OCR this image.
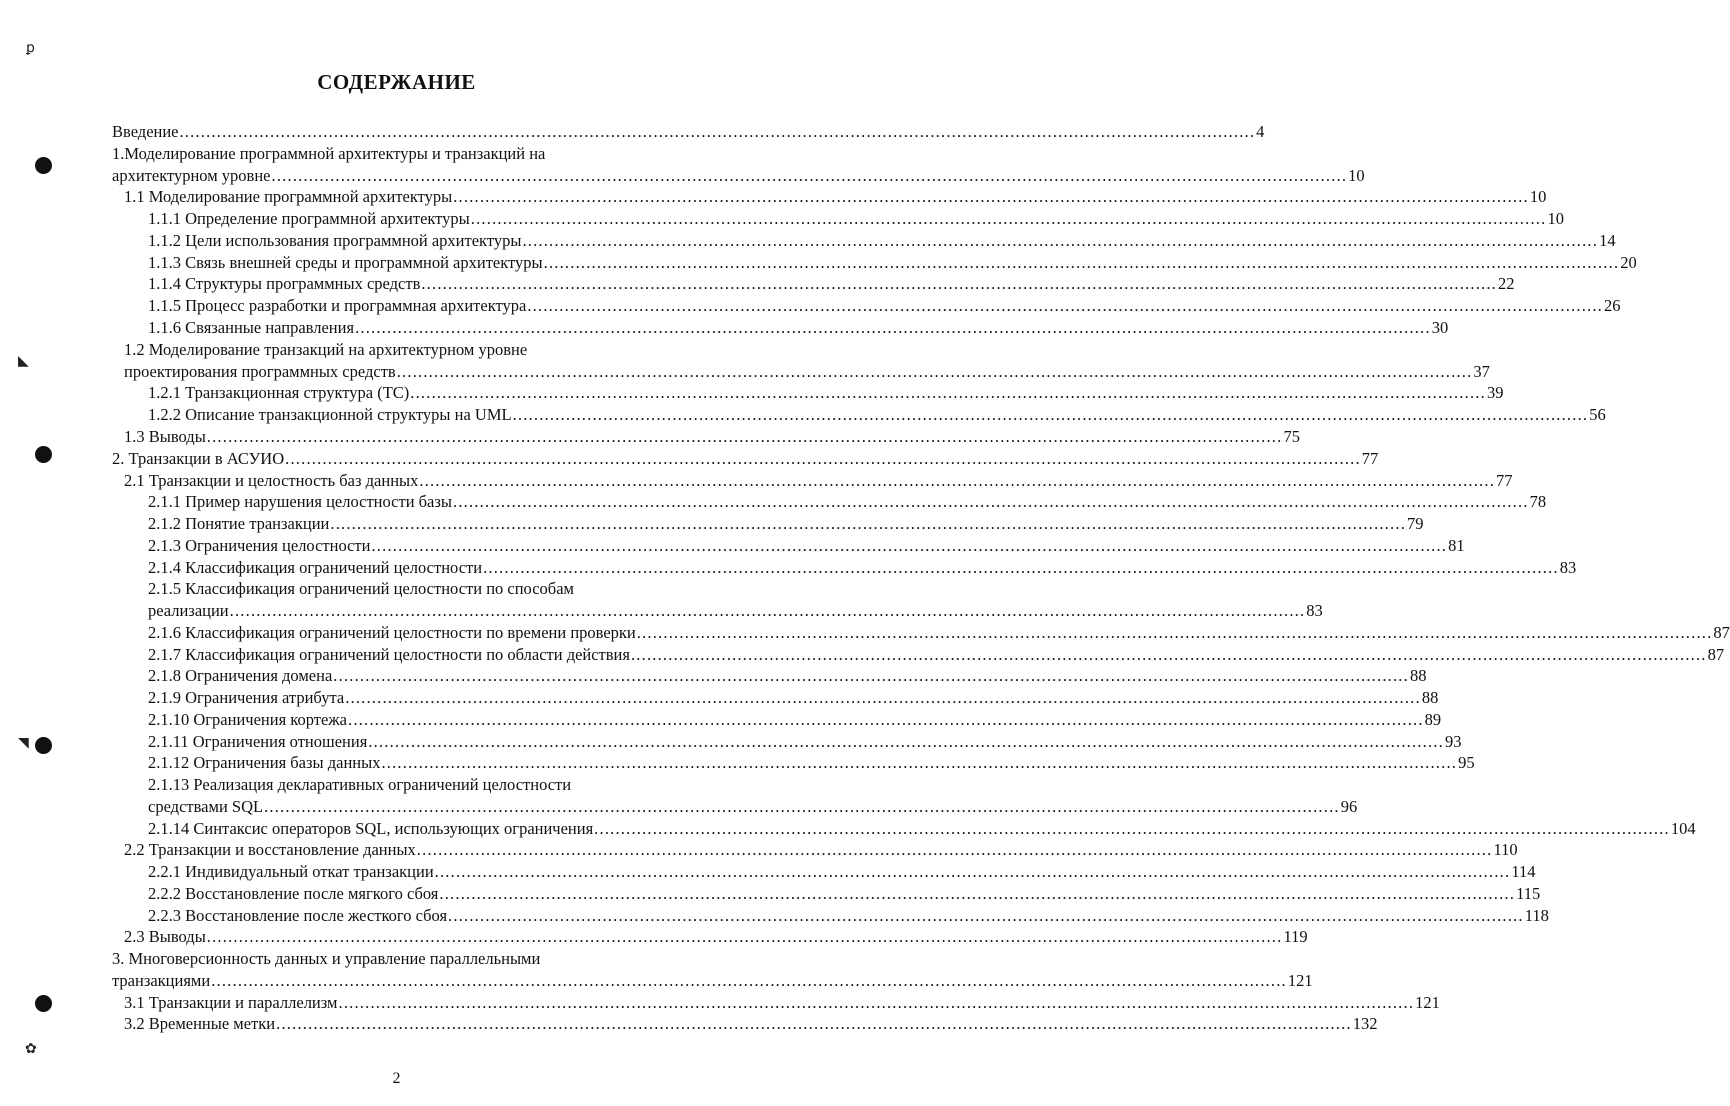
СОДЕРЖАНИЕ
Введение .......................................................................................................................................................................................................... 4
1.Моделирование программной архитектуры и транзакций на
архитектурном уровне .......................................................................................................................................................................................................... 10
1.1 Моделирование программной архитектуры .......................................................................................................................................................................................................... 10
1.1.1 Определение программной архитектуры .......................................................................................................................................................................................................... 10
1.1.2 Цели использования программной архитектуры .......................................................................................................................................................................................................... 14
1.1.3 Связь внешней среды и программной архитектуры .......................................................................................................................................................................................................... 20
1.1.4 Структуры программных средств .......................................................................................................................................................................................................... 22
1.1.5 Процесс разработки и программная архитектура .......................................................................................................................................................................................................... 26
1.1.6 Связанные направления .......................................................................................................................................................................................................... 30
1.2 Моделирование транзакций на архитектурном уровне
проектирования программных средств .......................................................................................................................................................................................................... 37
1.2.1 Транзакционная структура (ТС) .......................................................................................................................................................................................................... 39
1.2.2 Описание транзакционной структуры на UML .......................................................................................................................................................................................................... 56
1.3 Выводы .......................................................................................................................................................................................................... 75
2. Транзакции в АСУИО .......................................................................................................................................................................................................... 77
2.1 Транзакции и целостность баз данных .......................................................................................................................................................................................................... 77
2.1.1 Пример нарушения целостности базы .......................................................................................................................................................................................................... 78
2.1.2 Понятие транзакции .......................................................................................................................................................................................................... 79
2.1.3 Ограничения целостности .......................................................................................................................................................................................................... 81
2.1.4 Классификация ограничений целостности .......................................................................................................................................................................................................... 83
2.1.5 Классификация ограничений целостности по способам
реализации .......................................................................................................................................................................................................... 83
2.1.6 Классификация ограничений целостности по времени проверки .......................................................................................................................................................................................................... 87
2.1.7 Классификация ограничений целостности по области действия .......................................................................................................................................................................................................... 87
2.1.8 Ограничения домена .......................................................................................................................................................................................................... 88
2.1.9 Ограничения атрибута .......................................................................................................................................................................................................... 88
2.1.10 Ограничения кортежа .......................................................................................................................................................................................................... 89
2.1.11 Ограничения отношения .......................................................................................................................................................................................................... 93
2.1.12 Ограничения базы данных .......................................................................................................................................................................................................... 95
2.1.13 Реализация декларативных ограничений целостности
средствами SQL .......................................................................................................................................................................................................... 96
2.1.14 Синтаксис операторов SQL, использующих ограничения .......................................................................................................................................................................................................... 104
2.2 Транзакции и восстановление данных .......................................................................................................................................................................................................... 110
2.2.1 Индивидуальный откат транзакции .......................................................................................................................................................................................................... 114
2.2.2 Восстановление после мягкого сбоя .......................................................................................................................................................................................................... 115
2.2.3 Восстановление после жесткого сбоя .......................................................................................................................................................................................................... 118
2.3 Выводы .......................................................................................................................................................................................................... 119
3. Многоверсионность данных и управление параллельными
транзакциями .......................................................................................................................................................................................................... 121
3.1 Транзакции и параллелизм .......................................................................................................................................................................................................... 121
3.2 Временные метки .......................................................................................................................................................................................................... 132
ꝑ
◣
◥
✿
2
